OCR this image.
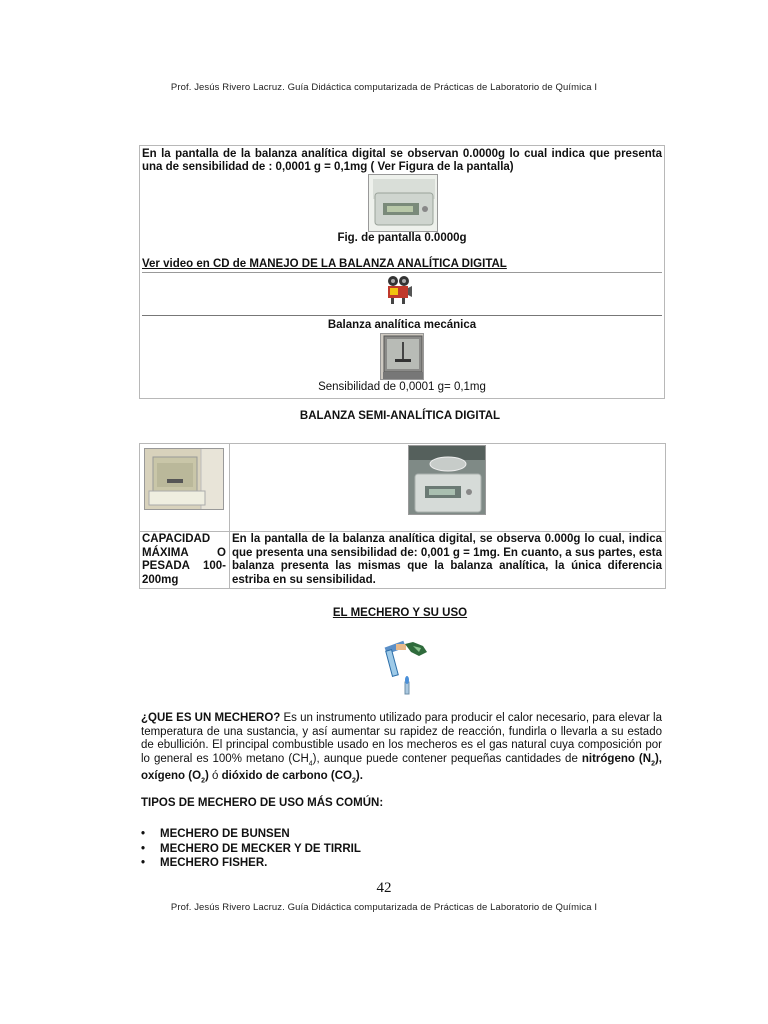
Prof. Jesús Rivero Lacruz. Guía Didáctica computarizada de Prácticas de Laboratorio de Química I
En la pantalla de la balanza analítica digital se observan 0.0000g lo cual indica que presenta una de sensibilidad de : 0,0001 g = 0,1mg ( Ver Figura de la pantalla)
Fig. de pantalla 0.0000g
Ver video en CD de MANEJO DE LA BALANZA ANALÍTICA DIGITAL
Balanza analítica mecánica
Sensibilidad de 0,0001 g= 0,1mg
BALANZA SEMI-ANALÍTICA DIGITAL
CAPACIDAD MÁXIMA O PESADA 100-200mg
En la pantalla de la balanza analítica digital, se observa 0.000g lo cual, indica que presenta una sensibilidad de: 0,001 g = 1mg. En cuanto, a sus partes, esta balanza presenta las mismas que la balanza analítica, la única diferencia estriba en su sensibilidad.
EL MECHERO Y SU USO
¿QUE ES UN MECHERO? Es un instrumento utilizado para producir el calor necesario, para elevar la temperatura de una sustancia, y así aumentar su rapidez de reacción, fundirla o llevarla a su estado de ebullición. El principal combustible usado en los mecheros es el gas natural cuya composición por lo general es 100% metano $(CH_4)$, aunque puede contener pequeñas cantidades de nitrógeno $(N_2)$, oxígeno $(O_2)$ ó dióxido de carbono $(CO_2)$.
TIPOS DE MECHERO DE USO MÁS COMÚN:
•	MECHERO DE BUNSEN
•	MECHERO DE MECKER Y DE TIRRIL
•	MECHERO FISHER.
42
Prof. Jesús Rivero Lacruz. Guía Didáctica computarizada de Prácticas de Laboratorio de Química I
